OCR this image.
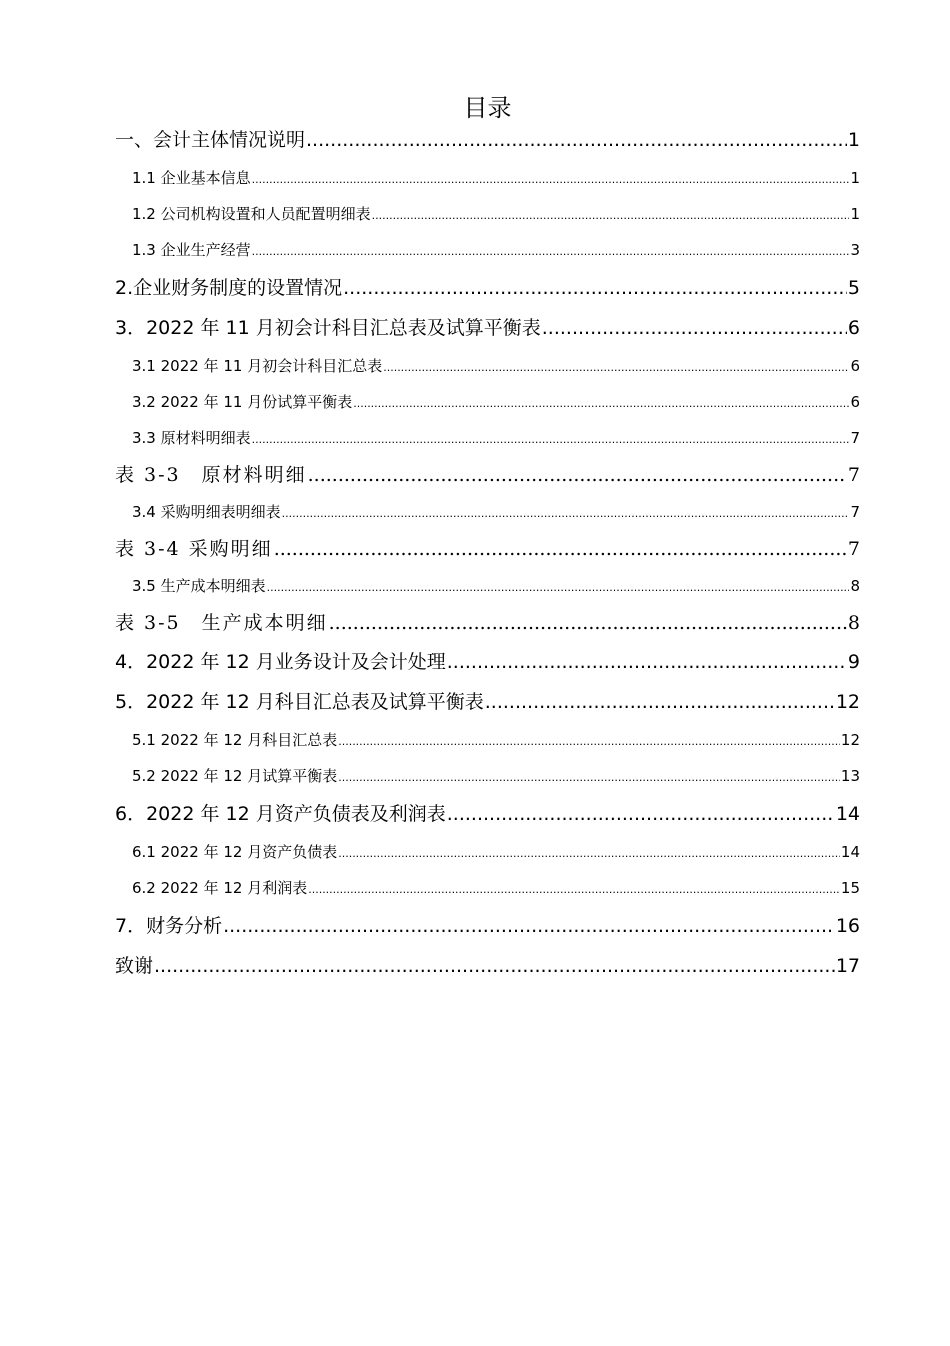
目录
一、会计主体情况说明 .....	1
1.1 企业基本信息 .....	1
1.2 公司机构设置和人员配置明细表 .....	1
1.3 企业生产经营 .....	3
2.企业财务制度的设置情况 .....	5
3．2022 年 11 月初会计科目汇总表及试算平衡表 .....	6
3.1 2022 年 11 月初会计科目汇总表 .....	6
3.2 2022 年 11 月份试算平衡表 .....	6
3.3 原材料明细表 .....	7
表 3-3　原材料明细 .....	7
3.4 采购明细表明细表 .....	7
表 3-4 采购明细 .....	7
3.5 生产成本明细表 .....	8
表 3-5　生产成本明细 .....	8
4．2022 年 12 月业务设计及会计处理 .....	9
5．2022 年 12 月科目汇总表及试算平衡表 .....	12
5.1 2022 年 12 月科目汇总表 .....	12
5.2 2022 年 12 月试算平衡表 .....	13
6．2022 年 12 月资产负债表及利润表 .....	14
6.1 2022 年 12 月资产负债表 .....	14
6.2 2022 年 12 月利润表 .....	15
7．财务分析 .....	16
致谢 .....	17
